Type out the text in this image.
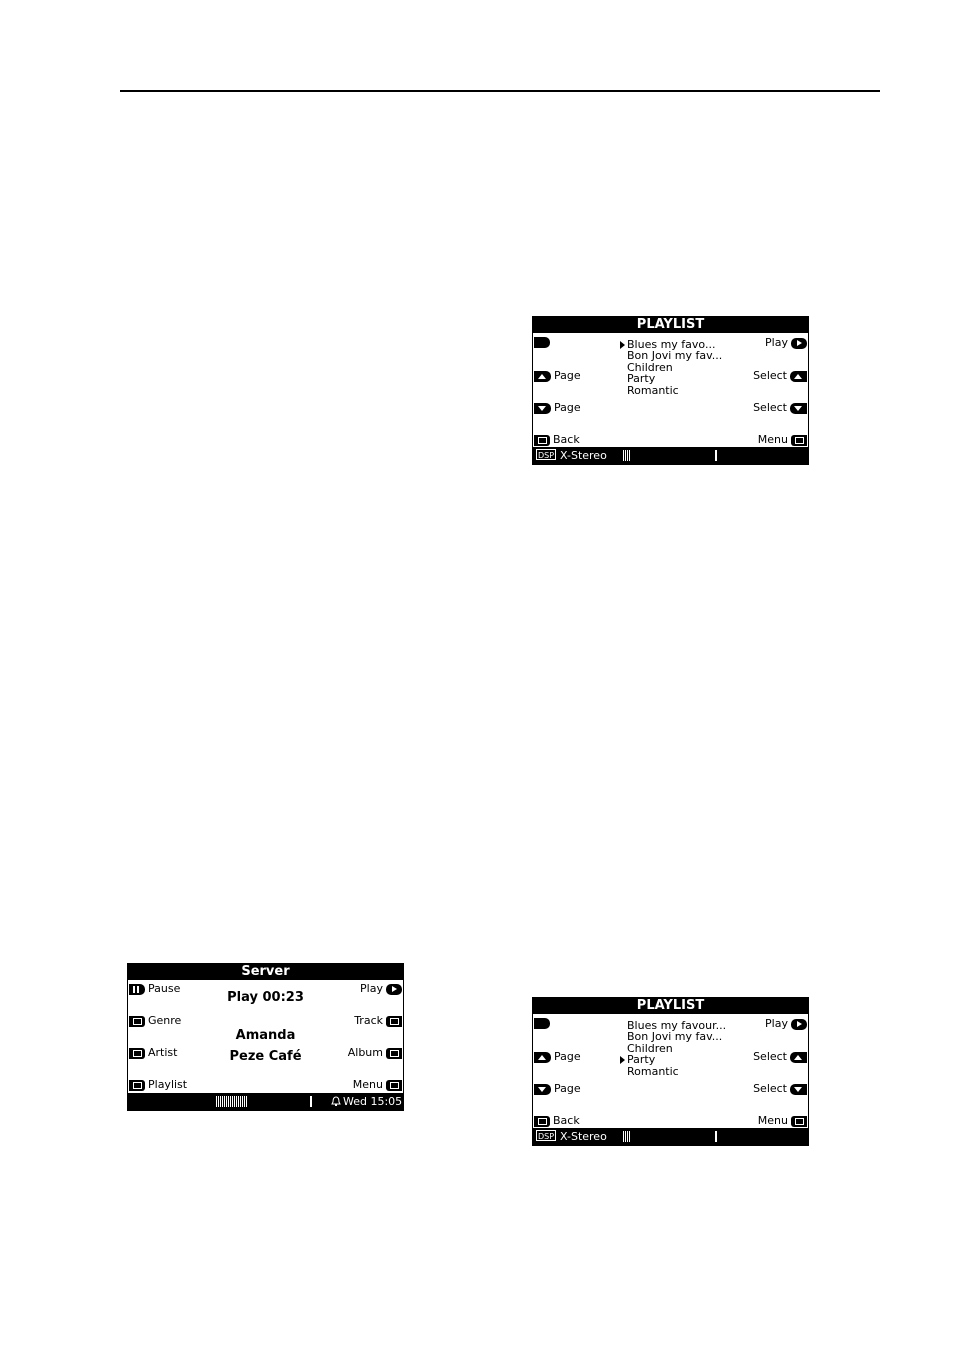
PLAYLIST
Page
Page
Back
Play
Select
Select
Menu
Blues my favo...
Bon Jovi my fav...
Children
Party
Romantic
DSP X-Stereo
Server
Pause
Genre
Artist
Playlist
Play
Track
Album
Menu
Play 00:23
Amanda
Peze Café
Wed 15:05
PLAYLIST
Page
Page
Back
Play
Select
Select
Menu
Blues my favour...
Bon Jovi my fav...
Children
Party
Romantic
DSP X-Stereo
